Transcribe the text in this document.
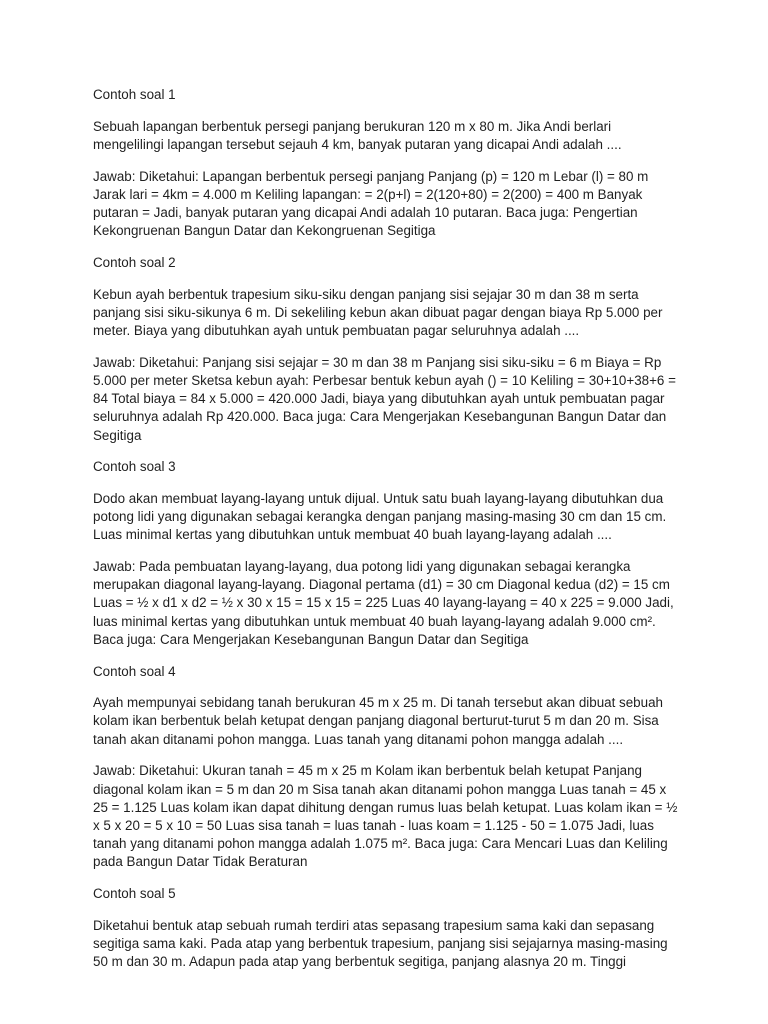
Contoh soal 1

Sebuah lapangan berbentuk persegi panjang berukuran 120 m x 80 m. Jika Andi berlari mengelilingi lapangan tersebut sejauh 4 km, banyak putaran yang dicapai Andi adalah ....

Jawab: Diketahui: Lapangan berbentuk persegi panjang Panjang (p) = 120 m Lebar (l) = 80 m Jarak lari = 4km = 4.000 m Keliling lapangan: = 2(p+l) = 2(120+80) = 2(200) = 400 m Banyak putaran = Jadi, banyak putaran yang dicapai Andi adalah 10 putaran. Baca juga: Pengertian Kekongruenan Bangun Datar dan Kekongruenan Segitiga

Contoh soal 2

Kebun ayah berbentuk trapesium siku-siku dengan panjang sisi sejajar 30 m dan 38 m serta panjang sisi siku-sikunya 6 m. Di sekeliling kebun akan dibuat pagar dengan biaya Rp 5.000 per meter. Biaya yang dibutuhkan ayah untuk pembuatan pagar seluruhnya adalah ....

Jawab: Diketahui: Panjang sisi sejajar = 30 m dan 38 m Panjang sisi siku-siku = 6 m Biaya = Rp 5.000 per meter Sketsa kebun ayah: Perbesar bentuk kebun ayah () = 10 Keliling = 30+10+38+6 = 84 Total biaya = 84 x 5.000 = 420.000 Jadi, biaya yang dibutuhkan ayah untuk pembuatan pagar seluruhnya adalah Rp 420.000. Baca juga: Cara Mengerjakan Kesebangunan Bangun Datar dan Segitiga

Contoh soal 3

Dodo akan membuat layang-layang untuk dijual. Untuk satu buah layang-layang dibutuhkan dua potong lidi yang digunakan sebagai kerangka dengan panjang masing-masing 30 cm dan 15 cm. Luas minimal kertas yang dibutuhkan untuk membuat 40 buah layang-layang adalah ....

Jawab: Pada pembuatan layang-layang, dua potong lidi yang digunakan sebagai kerangka merupakan diagonal layang-layang. Diagonal pertama (d1) = 30 cm Diagonal kedua (d2) = 15 cm Luas = ½ x d1 x d2 = ½ x 30 x 15 = 15 x 15 = 225 Luas 40 layang-layang = 40 x 225 = 9.000 Jadi, luas minimal kertas yang dibutuhkan untuk membuat 40 buah layang-layang adalah 9.000 cm². Baca juga: Cara Mengerjakan Kesebangunan Bangun Datar dan Segitiga

Contoh soal 4

Ayah mempunyai sebidang tanah berukuran 45 m x 25 m. Di tanah tersebut akan dibuat sebuah kolam ikan berbentuk belah ketupat dengan panjang diagonal berturut-turut 5 m dan 20 m. Sisa tanah akan ditanami pohon mangga. Luas tanah yang ditanami pohon mangga adalah ....

Jawab: Diketahui: Ukuran tanah = 45 m x 25 m Kolam ikan berbentuk belah ketupat Panjang diagonal kolam ikan = 5 m dan 20 m Sisa tanah akan ditanami pohon mangga Luas tanah = 45 x 25 = 1.125 Luas kolam ikan dapat dihitung dengan rumus luas belah ketupat. Luas kolam ikan = ½ x 5 x 20 = 5 x 10 = 50 Luas sisa tanah = luas tanah - luas koam = 1.125 - 50 = 1.075 Jadi, luas tanah yang ditanami pohon mangga adalah 1.075 m². Baca juga: Cara Mencari Luas dan Keliling pada Bangun Datar Tidak Beraturan

Contoh soal 5

Diketahui bentuk atap sebuah rumah terdiri atas sepasang trapesium sama kaki dan sepasang segitiga sama kaki. Pada atap yang berbentuk trapesium, panjang sisi sejajarnya masing-masing 50 m dan 30 m. Adapun pada atap yang berbentuk segitiga, panjang alasnya 20 m. Tinggi
